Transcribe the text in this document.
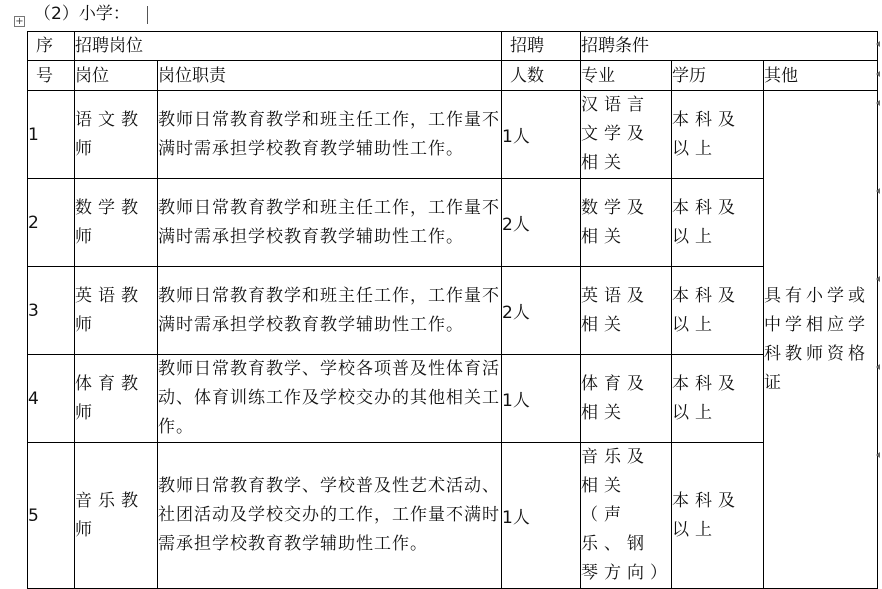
（2）小学：
+
序	招聘岗位		招聘	招聘条件		
号	岗位	岗位职责	人数	专业	学历	其他
1	语文教师	教师日常教育教学和班主任工作，工作量不满时需承担学校教育教学辅助性工作。	1人	汉语言文学及相关	本科及以上	具有小学或中学相应学科教师资格证
2	数学教师	教师日常教育教学和班主任工作，工作量不满时需承担学校教育教学辅助性工作。	2人	数学及相关	本科及以上	
3	英语教师	教师日常教育教学和班主任工作，工作量不满时需承担学校教育教学辅助性工作。	2人	英语及相关	本科及以上	
4	体育教师	教师日常教育教学、学校各项普及性体育活动、体育训练工作及学校交办的其他相关工作。	1人	体育及相关	本科及以上	
5	音乐教师	教师日常教育教学、学校普及性艺术活动、社团活动及学校交办的工作，工作量不满时需承担学校教育教学辅助性工作。	1人	音乐及相关（声乐、钢琴方向）	本科及以上	
